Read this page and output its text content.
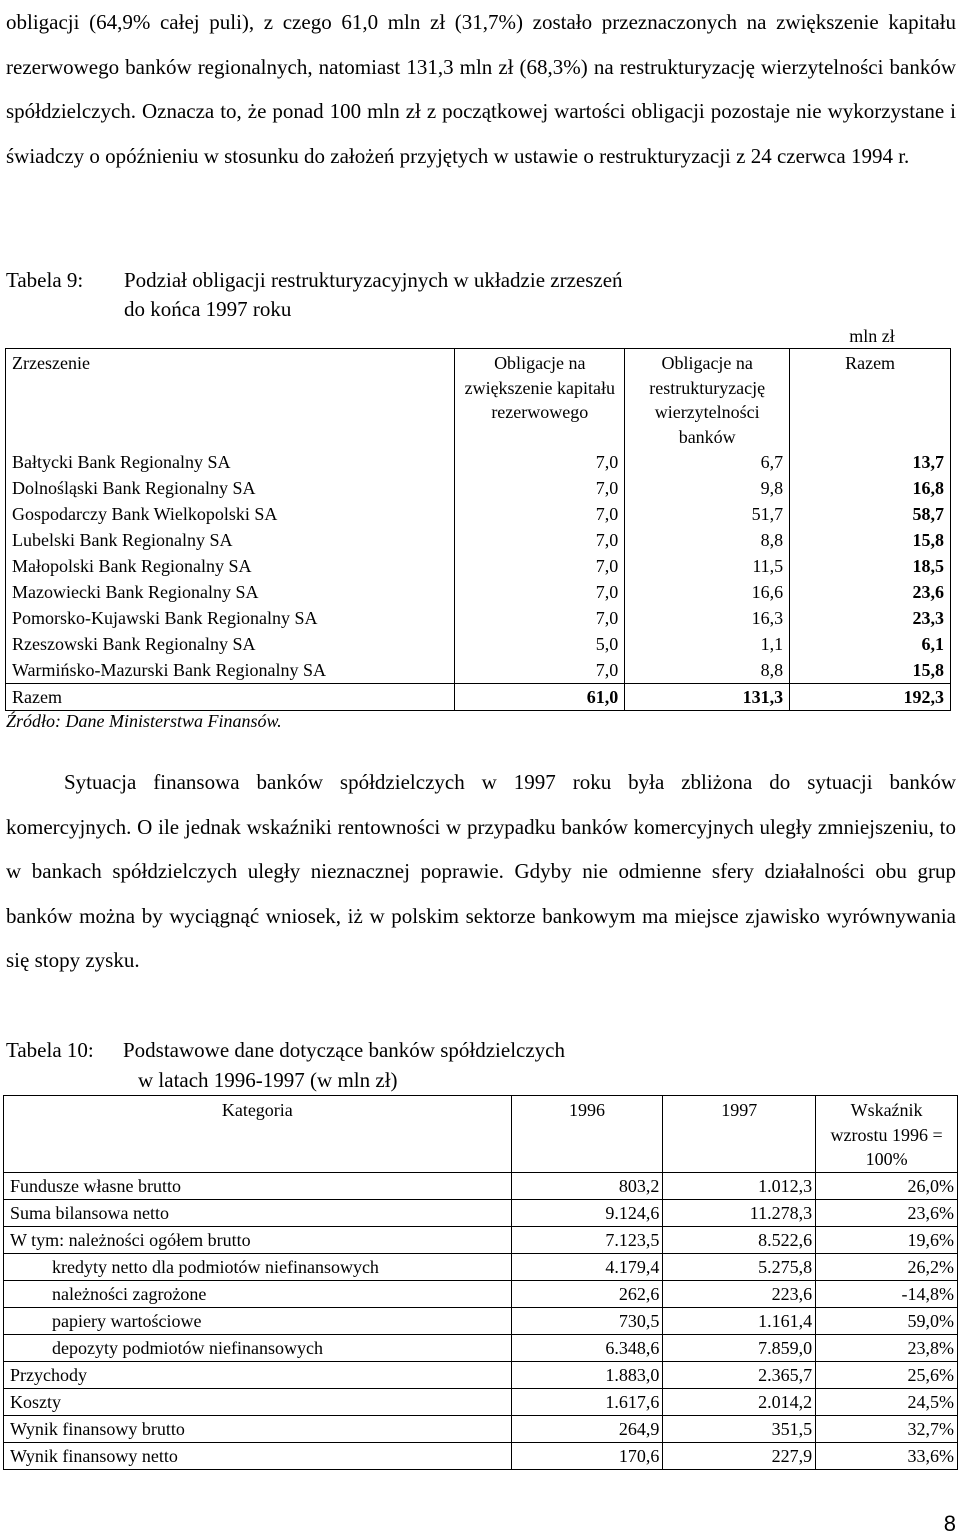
obligacji (64,9% całej puli), z czego 61,0 mln zł (31,7%) zostało przeznaczonych na zwiększenie kapitału rezerwowego banków regionalnych, natomiast 131,3 mln zł (68,3%) na restrukturyzację wierzytelności banków spółdzielczych. Oznacza to, że ponad 100 mln zł z początkowej wartości obligacji pozostaje nie wykorzystane i świadczy o opóźnieniu w stosunku do założeń przyjętych w ustawie o restrukturyzacji z 24 czerwca 1994 r.
Tabela 9: Podział obligacji restrukturyzacyjnych w układzie zrzeszeń
do końca 1997 roku
mln zł
Zrzeszenie	Obligacje na zwiększenie kapitału rezerwowego	Obligacje na restrukturyzację wierzytelności banków	Razem
Bałtycki Bank Regionalny SA	7,0	6,7	13,7
Dolnośląski Bank Regionalny SA	7,0	9,8	16,8
Gospodarczy Bank Wielkopolski SA	7,0	51,7	58,7
Lubelski Bank Regionalny SA	7,0	8,8	15,8
Małopolski Bank Regionalny SA	7,0	11,5	18,5
Mazowiecki Bank Regionalny SA	7,0	16,6	23,6
Pomorsko-Kujawski Bank Regionalny SA	7,0	16,3	23,3
Rzeszowski Bank Regionalny SA	5,0	1,1	6,1
Warmińsko-Mazurski Bank Regionalny SA	7,0	8,8	15,8
Razem	61,0	131,3	192,3
Źródło: Dane Ministerstwa Finansów.
Sytuacja finansowa banków spółdzielczych w 1997 roku była zbliżona do sytuacji banków komercyjnych. O ile jednak wskaźniki rentowności w przypadku banków komercyjnych uległy zmniejszeniu, to w bankach spółdzielczych uległy nieznacznej poprawie. Gdyby nie odmienne sfery działalności obu grup banków można by wyciągnąć wniosek, iż w polskim sektorze bankowym ma miejsce zjawisko wyrównywania się stopy zysku.
Tabela 10: Podstawowe dane dotyczące banków spółdzielczych
w latach 1996-1997 (w mln zł)
Kategoria	1996	1997	Wskaźnik wzrostu 1996 = 100%
Fundusze własne brutto	803,2	1.012,3	26,0%
Suma bilansowa netto	9.124,6	11.278,3	23,6%
W tym: należności ogółem brutto	7.123,5	8.522,6	19,6%
kredyty netto dla podmiotów niefinansowych	4.179,4	5.275,8	26,2%
należności zagrożone	262,6	223,6	-14,8%
papiery wartościowe	730,5	1.161,4	59,0%
depozyty podmiotów niefinansowych	6.348,6	7.859,0	23,8%
Przychody	1.883,0	2.365,7	25,6%
Koszty	1.617,6	2.014,2	24,5%
Wynik finansowy brutto	264,9	351,5	32,7%
Wynik finansowy netto	170,6	227,9	33,6%
8
